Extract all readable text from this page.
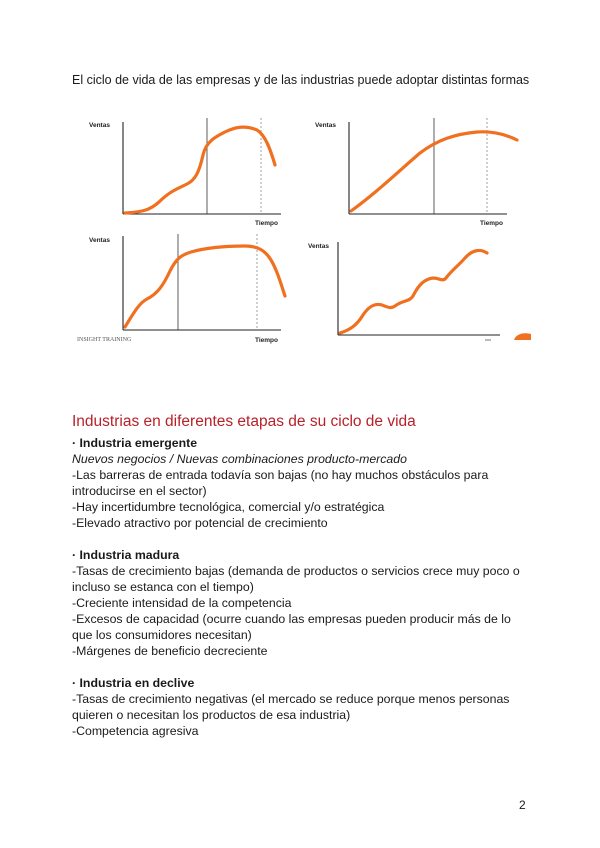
El ciclo de vida de las empresas y de las industrias puede adoptar distintas formas
Ventas
Tiempo
Ventas
Tiempo
Ventas
Tiempo
INSIGHT TRAINING
Ventas
Industrias en diferentes etapas de su ciclo de vida
· Industria emergente
Nuevos negocios / Nuevas combinaciones producto-mercado
-Las barreras de entrada todavía son bajas (no hay muchos obstáculos para introducirse en el sector)
-Hay incertidumbre tecnológica, comercial y/o estratégica
-Elevado atractivo por potencial de crecimiento
· Industria madura
-Tasas de crecimiento bajas (demanda de productos o servicios crece muy poco o incluso se estanca con el tiempo)
-Creciente intensidad de la competencia
-Excesos de capacidad (ocurre cuando las empresas pueden producir más de lo que los consumidores necesitan)
-Márgenes de beneficio decreciente
· Industria en declive
-Tasas de crecimiento negativas (el mercado se reduce porque menos personas quieren o necesitan los productos de esa industria)
-Competencia agresiva
2
